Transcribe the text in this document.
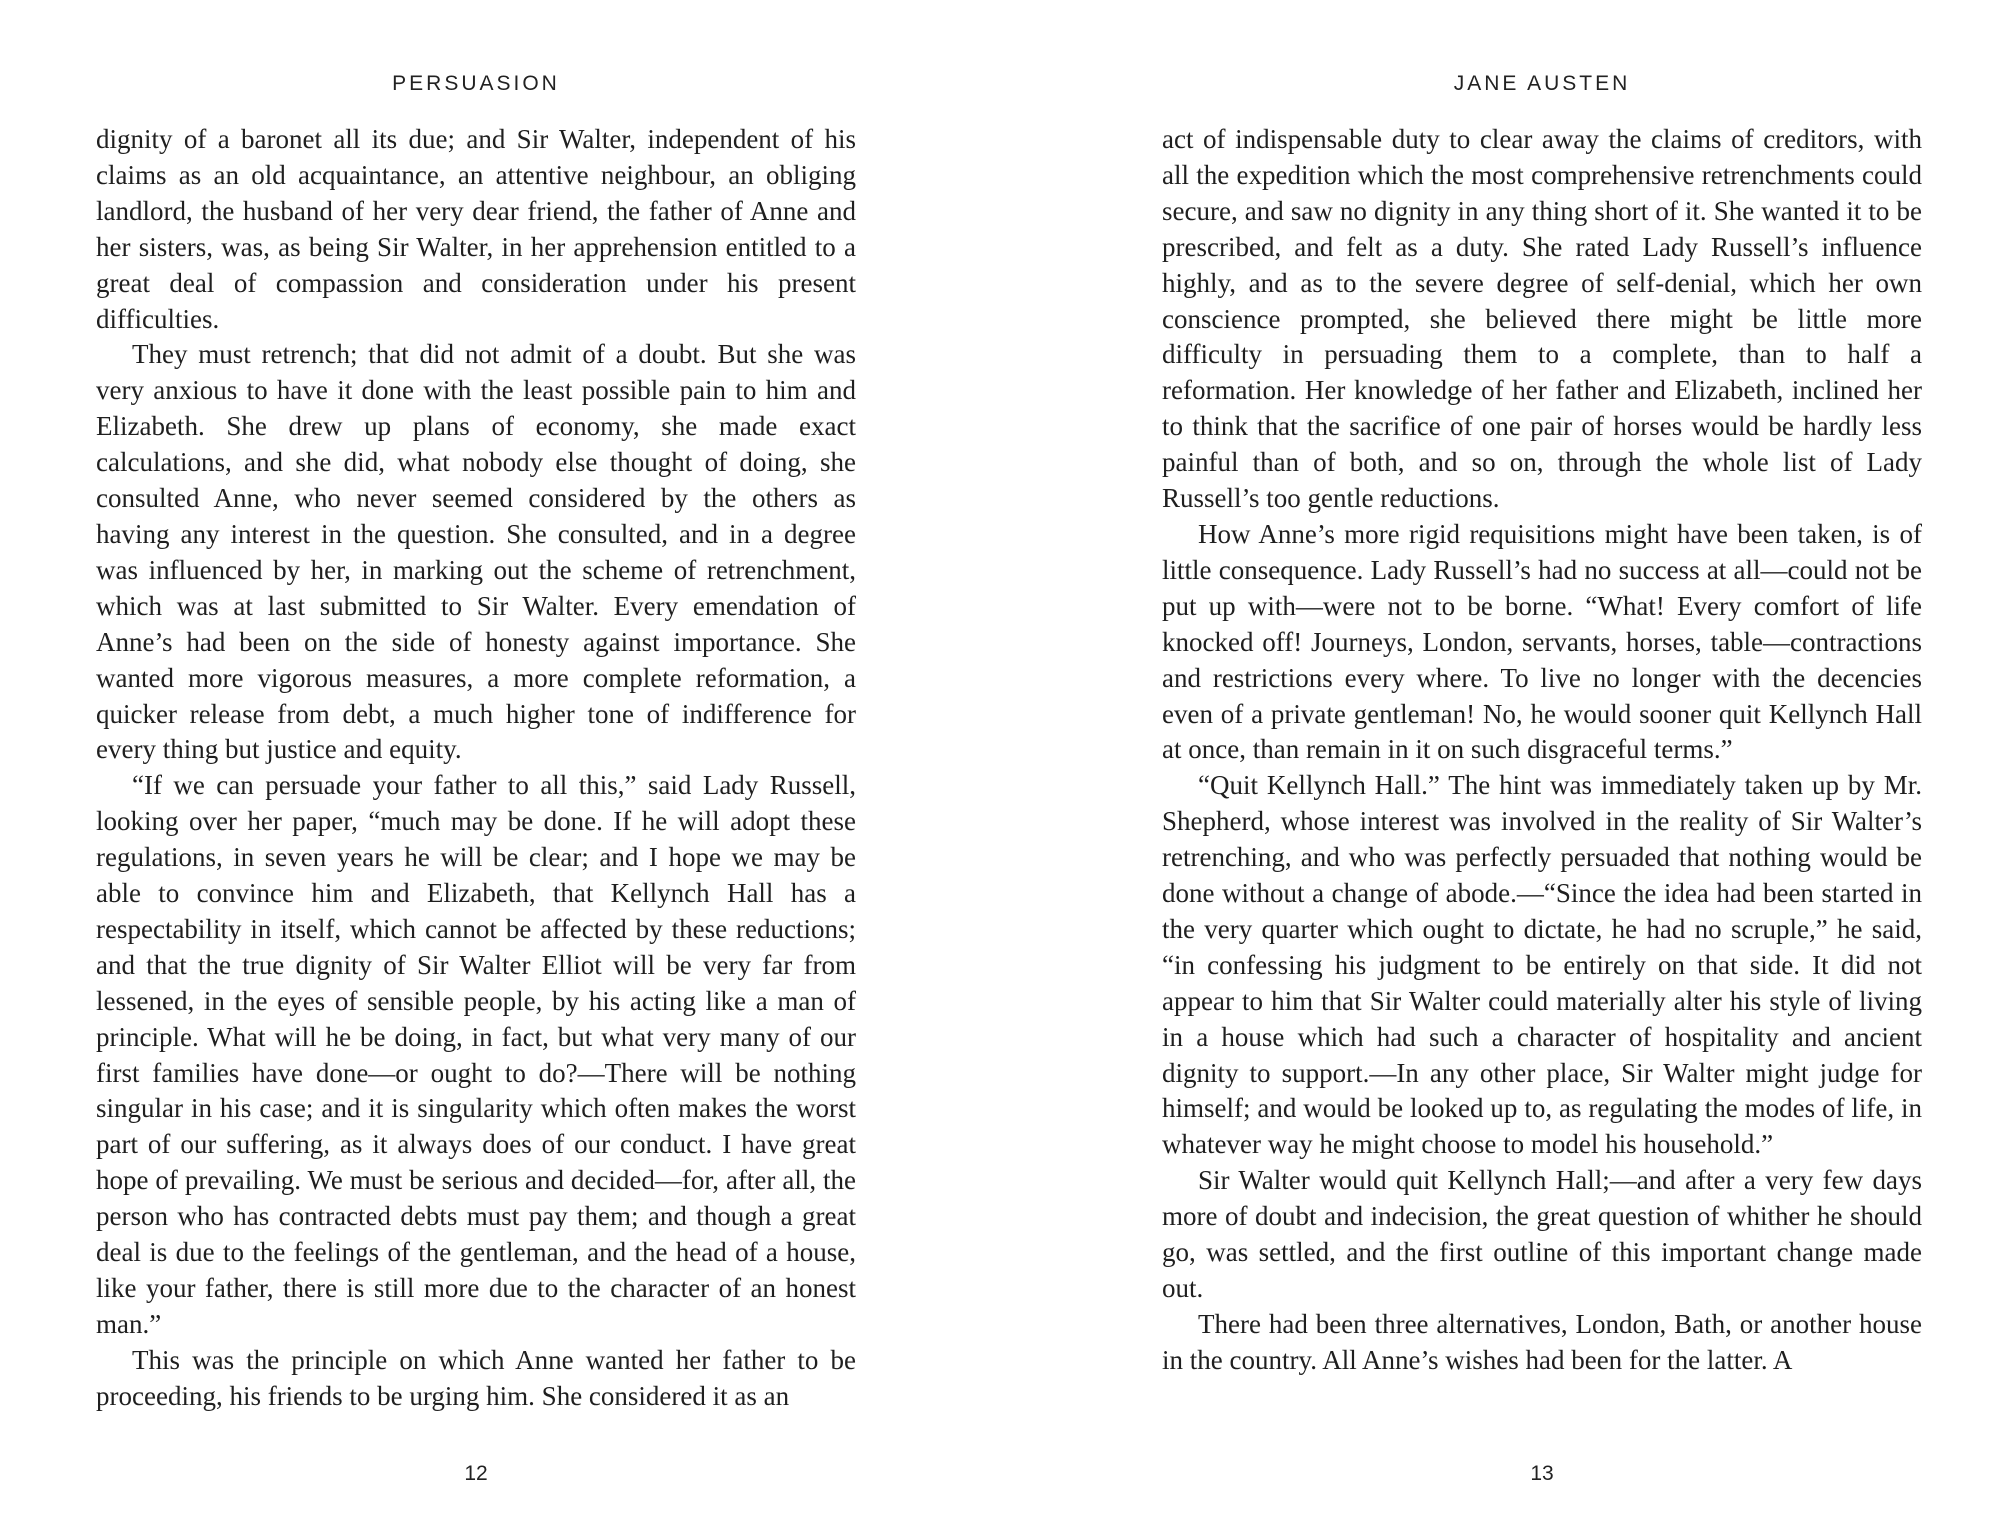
PERSUASION

dignity of a baronet all its due; and Sir Walter, independent of his claims as an old acquaintance, an attentive neighbour, an obliging landlord, the husband of her very dear friend, the father of Anne and her sisters, was, as being Sir Walter, in her apprehension entitled to a great deal of compassion and consideration under his present difficulties.

They must retrench; that did not admit of a doubt. But she was very anxious to have it done with the least possible pain to him and Elizabeth. She drew up plans of economy, she made exact calculations, and she did, what nobody else thought of doing, she consulted Anne, who never seemed considered by the others as having any interest in the question. She consulted, and in a degree was influenced by her, in marking out the scheme of retrenchment, which was at last submitted to Sir Walter. Every emendation of Anne’s had been on the side of honesty against importance. She wanted more vigorous measures, a more complete reformation, a quicker release from debt, a much higher tone of indifference for every thing but justice and equity.

“If we can persuade your father to all this,” said Lady Russell, looking over her paper, “much may be done. If he will adopt these regulations, in seven years he will be clear; and I hope we may be able to convince him and Elizabeth, that Kellynch Hall has a respectability in itself, which cannot be affected by these reductions; and that the true dignity of Sir Walter Elliot will be very far from lessened, in the eyes of sensible people, by his acting like a man of principle. What will he be doing, in fact, but what very many of our first families have done—or ought to do?—There will be nothing singular in his case; and it is singularity which often makes the worst part of our suffering, as it always does of our conduct. I have great hope of prevailing. We must be serious and decided—for, after all, the person who has contracted debts must pay them; and though a great deal is due to the feelings of the gentleman, and the head of a house, like your father, there is still more due to the character of an honest man.”

This was the principle on which Anne wanted her father to be proceeding, his friends to be urging him. She considered it as an

12
JANE AUSTEN

act of indispensable duty to clear away the claims of creditors, with all the expedition which the most comprehensive retrenchments could secure, and saw no dignity in any thing short of it. She wanted it to be prescribed, and felt as a duty. She rated Lady Russell’s influence highly, and as to the severe degree of self-denial, which her own conscience prompted, she believed there might be little more difficulty in persuading them to a complete, than to half a reformation. Her knowledge of her father and Elizabeth, inclined her to think that the sacrifice of one pair of horses would be hardly less painful than of both, and so on, through the whole list of Lady Russell’s too gentle reductions.

How Anne’s more rigid requisitions might have been taken, is of little consequence. Lady Russell’s had no success at all—could not be put up with—were not to be borne. “What! Every comfort of life knocked off! Journeys, London, servants, horses, table—contractions and restrictions every where. To live no longer with the decencies even of a private gentleman! No, he would sooner quit Kellynch Hall at once, than remain in it on such disgraceful terms.”

“Quit Kellynch Hall.” The hint was immediately taken up by Mr. Shepherd, whose interest was involved in the reality of Sir Walter’s retrenching, and who was perfectly persuaded that nothing would be done without a change of abode.—“Since the idea had been started in the very quarter which ought to dictate, he had no scruple,” he said, “in confessing his judgment to be entirely on that side. It did not appear to him that Sir Walter could materially alter his style of living in a house which had such a character of hospitality and ancient dignity to support.—In any other place, Sir Walter might judge for himself; and would be looked up to, as regulating the modes of life, in whatever way he might choose to model his household.”

Sir Walter would quit Kellynch Hall;—and after a very few days more of doubt and indecision, the great question of whither he should go, was settled, and the first outline of this important change made out.

There had been three alternatives, London, Bath, or another house in the country. All Anne’s wishes had been for the latter. A

13
